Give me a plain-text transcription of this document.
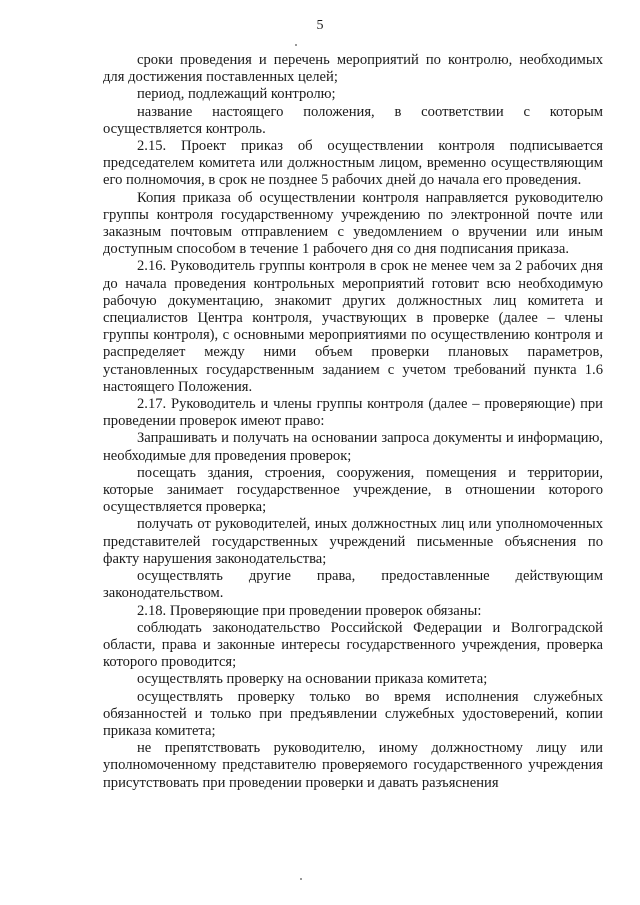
5

сроки проведения и перечень мероприятий по контролю, необходимых для достижения поставленных целей;

период, подлежащий контролю;

название настоящего положения, в соответствии с которым осуществляется контроль.

2.15. Проект приказ об осуществлении контроля подписывается председателем комитета или должностным лицом, временно осуществляющим его полномочия, в срок не позднее 5 рабочих дней до начала его проведения.

Копия приказа об осуществлении контроля направляется руководителю группы контроля государственному учреждению по электронной почте или заказным почтовым отправлением с уведомлением о вручении или иным доступным способом в течение 1 рабочего дня со дня подписания приказа.

2.16. Руководитель группы контроля в срок не менее чем за 2 рабочих дня до начала проведения контрольных мероприятий готовит всю необходимую рабочую документацию, знакомит других должностных лиц комитета и специалистов Центра контроля, участвующих в проверке (далее – члены группы контроля), с основными мероприятиями по осуществлению контроля и распределяет между ними объем проверки плановых параметров, установленных государственным заданием с учетом требований пункта 1.6 настоящего Положения.

2.17. Руководитель и члены группы контроля (далее – проверяющие) при проведении проверок имеют право:

Запрашивать и получать на основании запроса документы и информацию, необходимые для проведения проверок;

посещать здания, строения, сооружения, помещения и территории, которые занимает государственное учреждение, в отношении которого осуществляется проверка;

получать от руководителей, иных должностных лиц или уполномоченных представителей государственных учреждений письменные объяснения по факту нарушения законодательства;

осуществлять другие права, предоставленные действующим законодательством.

2.18. Проверяющие при проведении проверок обязаны:

соблюдать законодательство Российской Федерации и Волгоградской области, права и законные интересы государственного учреждения, проверка которого проводится;

осуществлять проверку на основании приказа комитета;

осуществлять проверку только во время исполнения служебных обязанностей и только при предъявлении служебных удостоверений, копии приказа комитета;

не препятствовать руководителю, иному должностному лицу или уполномоченному представителю проверяемого государственного учреждения присутствовать при проведении проверки и давать разъяснения
